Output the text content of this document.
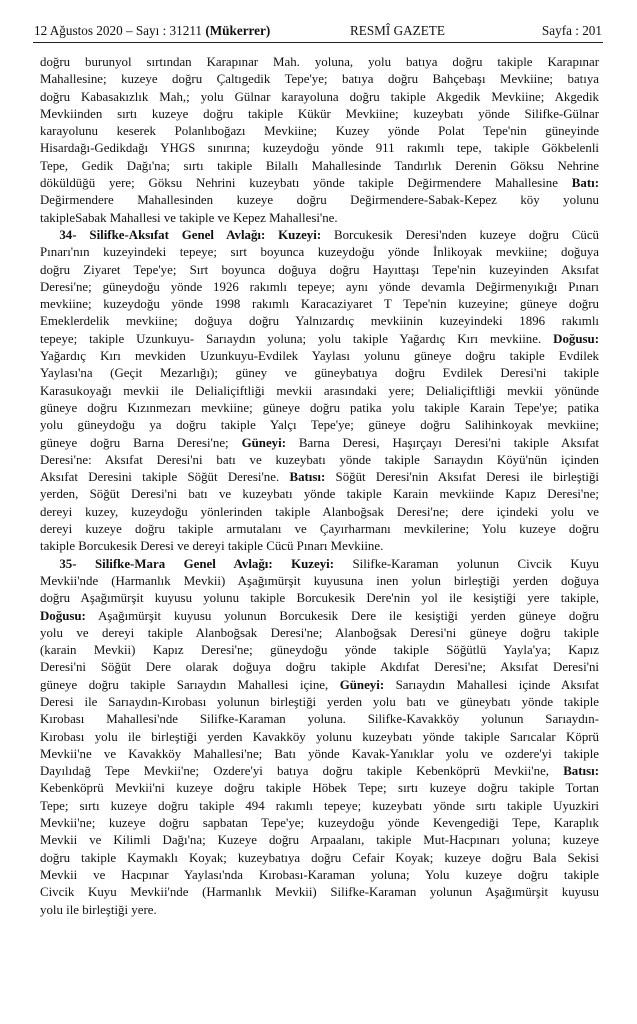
12 Ağustos 2020 – Sayı : 31211 (Mükerrer)	RESMÎ GAZETE	Sayfa : 201
doğru burunyol sırtından Karapınar Mah. yoluna, yolu batıya doğru takiple Karapınar
Mahallesine; kuzeye doğru Çaltıgedik Tepe'ye; batıya doğru Bahçebaşı Mevkiine; batıya
doğru Kabasakızlık Mah,; yolu Gülnar karayoluna doğru takiple Akgedik Mevkiine; Akgedik
Mevkiinden sırtı kuzeye doğru takiple Kükür Mevkiine; kuzeybatı yönde Silifke-Gülnar
karayolunu keserek Polanlıboğazı Mevkiine; Kuzey yönde Polat Tepe'nin güneyinde
Hisardağı-Gedikdağı YHGS sınırına; kuzeydoğu yönde 911 rakımlı tepe, takiple Gökbelenli
Tepe, Gedik Dağı'na; sırtı takiple Bilallı Mahallesinde Tandırlık Derenin Göksu Nehrine
döküldüğü yere; Göksu Nehrini kuzeybatı yönde takiple Değirmendere Mahallesine Batı:
Değirmendere Mahallesinden kuzeye doğru Değirmendere-Sabak-Kepez köy yolunu
takipleSabak Mahallesi ve takiple ve Kepez Mahallesi'ne.
  34- Silifke-Aksıfat Genel Avlağı: Kuzeyi: Borcukesik Deresi'nden kuzeye doğru Cücü
Pınarı'nın kuzeyindeki tepeye; sırt boyunca kuzeydoğu yönde İnlikoyak mevkiine; doğuya
doğru Ziyaret Tepe'ye; Sırt boyunca doğuya doğru Hayıttaşı Tepe'nin kuzeyinden Aksıfat
Deresi'ne; güneydoğu yönde 1926 rakımlı tepeye; aynı yönde devamla Değirmenyıkığı Pınarı
mevkiine; kuzeydoğu yönde 1998 rakımlı Karacaziyaret T Tepe'nin kuzeyine; güneye doğru
Emeklerdelik mevkiine; doğuya doğru Yalnızardıç mevkiinin kuzeyindeki 1896 rakımlı
tepeye; takiple Uzunkuyu- Sarıaydın yoluna; yolu takiple Yağardıç Kırı mevkiine. Doğusu:
Yağardıç Kırı mevkiden Uzunkuyu-Evdilek Yaylası yolunu güneye doğru takiple Evdilek
Yaylası'na (Geçit Mezarlığı); güney ve güneybatıya doğru Evdilek Deresi'ni takiple
Karasukoyağı mevkii ile Delialiçiftliği mevkii arasındaki yere; Delialiçiftliği mevkii yönünde
güneye doğru Kızınmezarı mevkiine; güneye doğru patika yolu takiple Karain Tepe'ye; patika
yolu güneydoğu ya doğru takiple Yalçı Tepe'ye; güneye doğru Salihinkoyak mevkiine;
güneye doğru Barna Deresi'ne; Güneyi: Barna Deresi, Haşırçayı Deresi'ni takiple Aksıfat
Deresi'ne: Aksıfat Deresi'ni batı ve kuzeybatı yönde takiple Sarıaydın Köyü'nün içinden
Aksıfat Deresini takiple Söğüt Deresi'ne. Batısı: Söğüt Deresi'nin Aksıfat Deresi ile birleştiği
yerden, Söğüt Deresi'ni batı ve kuzeybatı yönde takiple Karain mevkiinde Kapız Deresi'ne;
dereyi kuzey, kuzeydoğu yönlerinden takiple Alanboğsak Deresi'ne; dere içindeki yolu ve
dereyi kuzeye doğru takiple armutalanı ve Çayırharmanı mevkilerine; Yolu kuzeye doğru
takiple Borcukesik Deresi ve dereyi takiple Cücü Pınarı Mevkiine.
  35- Silifke-Mara Genel Avlağı: Kuzeyi: Silifke-Karaman yolunun Civcik Kuyu
Mevkii'nde (Harmanlık Mevkii) Aşağımürşit kuyusuna inen yolun birleştiği yerden doğuya
doğru Aşağımürşit kuyusu yolunu takiple Borcukesik Dere'nin yol ile kesiştiği yere takiple,
Doğusu: Aşağımürşit kuyusu yolunun Borcukesik Dere ile kesiştiği yerden güneye doğru
yolu ve dereyi takiple Alanboğsak Deresi'ne; Alanboğsak Deresi'ni güneye doğru takiple
(karain Mevkii) Kapız Deresi'ne; güneydoğu yönde takiple Söğütlü Yayla'ya; Kapız
Deresi'ni Söğüt Dere olarak doğuya doğru takiple Akdıfat Deresi'ne; Aksıfat Deresi'ni
güneye doğru takiple Sarıaydın Mahallesi içine, Güneyi: Sarıaydın Mahallesi içinde Aksıfat
Deresi ile Sarıaydın-Kırobası yolunun birleştiği yerden yolu batı ve güneybatı yönde takiple
Kırobası Mahallesi'nde Silifke-Karaman yoluna. Silifke-Kavakköy yolunun Sarıaydın-
Kırobası yolu ile birleştiği yerden Kavakköy yolunu kuzeybatı yönde takiple Sarıcalar Köprü
Mevkii'ne ve Kavakköy Mahallesi'ne; Batı yönde Kavak-Yanıklar yolu ve ozdere'yi takiple
Dayılıdağ Tepe Mevkii'ne; Ozdere'yi batıya doğru takiple Kebenköprü Mevkii'ne, Batısı:
Kebenköprü Mevkii'ni kuzeye doğru takiple Höbek Tepe; sırtı kuzeye doğru takiple Tortan
Tepe; sırtı kuzeye doğru takiple 494 rakımlı tepeye; kuzeybatı yönde sırtı takiple Uyuzkiri
Mevkii'ne; kuzeye doğru sapbatan Tepe'ye; kuzeydoğu yönde Kevengediği Tepe, Karaplık
Mevkii ve Kilimli Dağı'na; Kuzeye doğru Arpaalanı, takiple Mut-Hacpınarı yoluna; kuzeye
doğru takiple Kaymaklı Koyak; kuzeybatıya doğru Cefair Koyak; kuzeye doğru Bala Sekisi
Mevkii ve Hacpınar Yaylası'nda Kırobası-Karaman yoluna; Yolu kuzeye doğru takiple
Civcik Kuyu Mevkii'nde (Harmanlık Mevkii) Silifke-Karaman yolunun Aşağımürşit kuyusu
yolu ile birleştiği yere.
